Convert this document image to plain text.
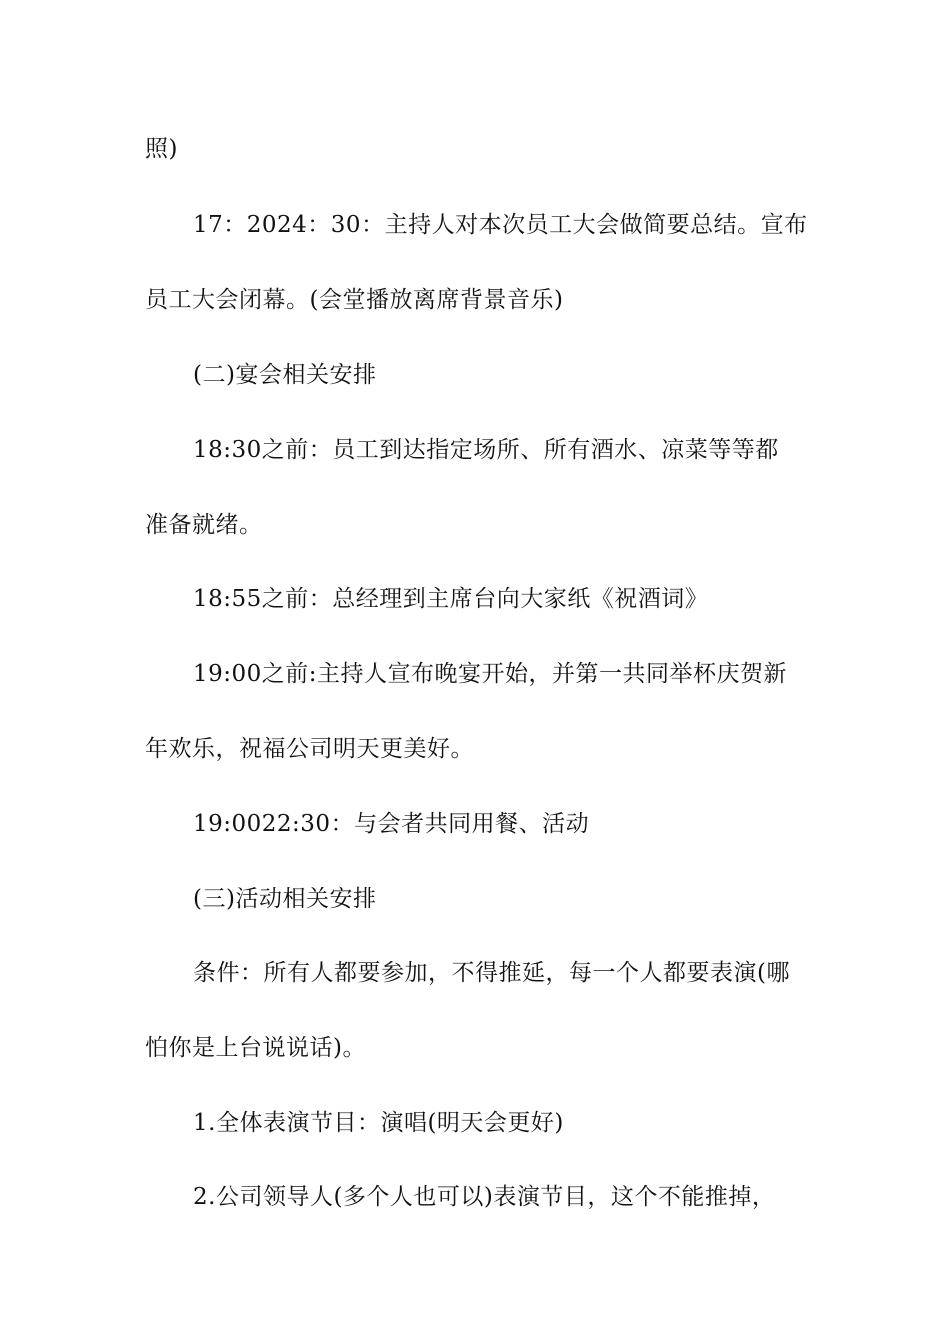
照)
17：2024：30：主持人对本次员工大会做简要总结。宣布
员工大会闭幕。(会堂播放离席背景音乐)
(二)宴会相关安排
18:30之前：员工到达指定场所、所有酒水、凉菜等等都
准备就绪。
18:55之前：总经理到主席台向大家纸《祝酒词》
19:00之前:主持人宣布晚宴开始，并第一共同举杯庆贺新
年欢乐，祝福公司明天更美好。
19:0022:30：与会者共同用餐、活动
(三)活动相关安排
条件：所有人都要参加，不得推延，每一个人都要表演(哪
怕你是上台说说话)。
1.全体表演节目：演唱(明天会更好)
2.公司领导人(多个人也可以)表演节目，这个不能推掉，
